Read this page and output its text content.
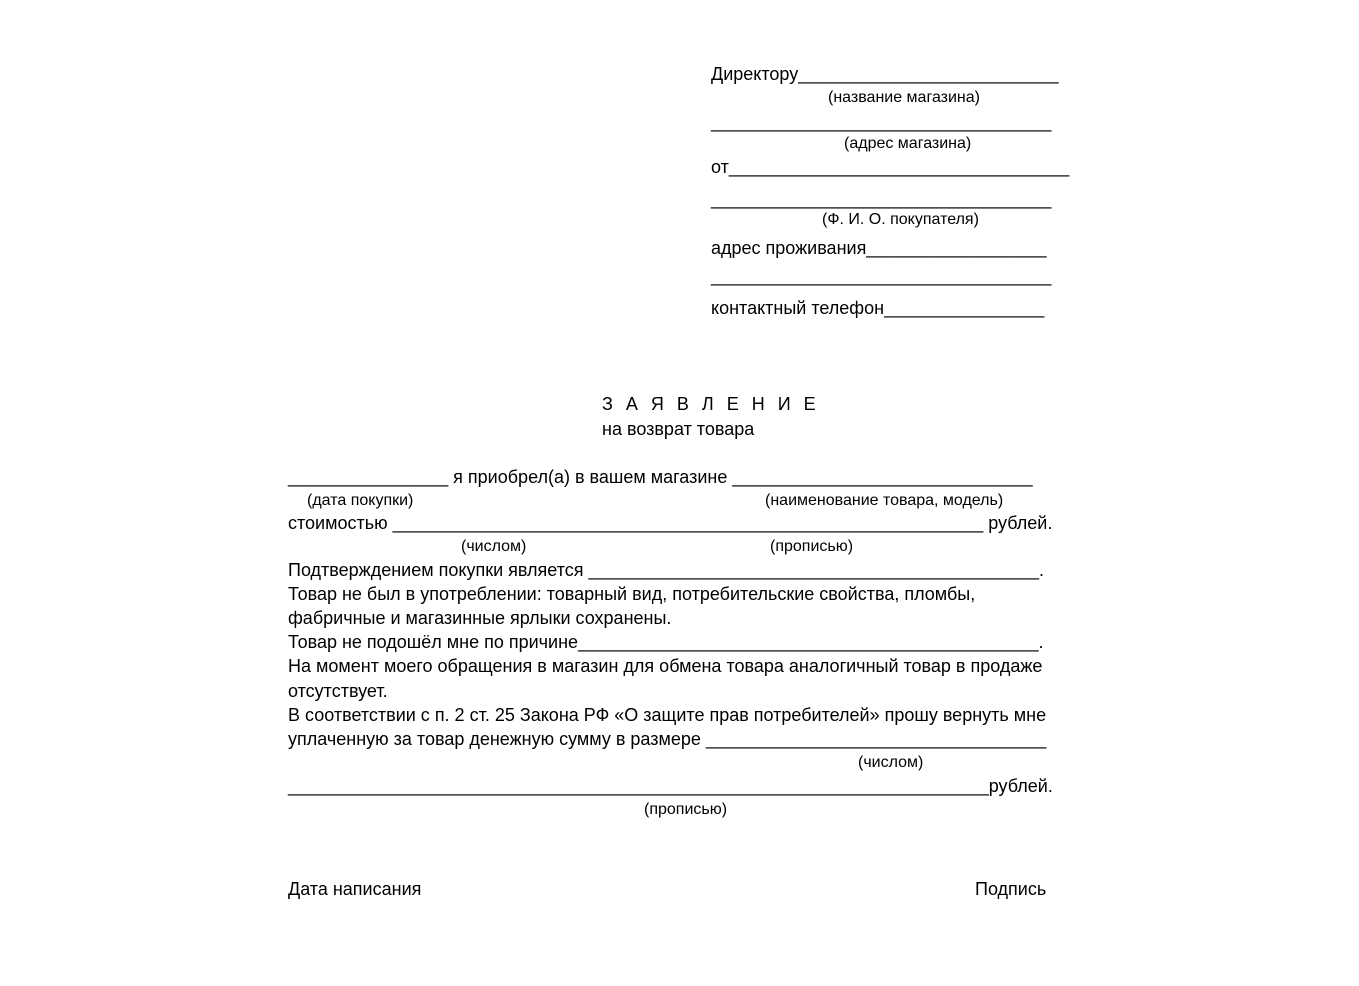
Директору__________________________
(название магазина)
__________________________________
(адрес магазина)
от__________________________________
__________________________________
(Ф. И. О. покупателя)
адрес проживания__________________
__________________________________
контактный телефон________________
З А Я В Л Е Н И Е
на возврат товара
________________ я приобрел(а) в вашем магазине ______________________________
(дата покупки)	(наименование товара, модель)
стоимостью ___________________________________________________________ рублей.
(числом)	(прописью)
Подтверждением покупки является _____________________________________________.
Товар не был в употреблении: товарный вид, потребительские свойства, пломбы,
фабричные и магазинные ярлыки сохранены.
Товар не подошёл мне по причине______________________________________________.
На момент моего обращения в магазин для обмена товара аналогичный товар в продаже
отсутствует.
В соответствии с п. 2 ст. 25 Закона РФ «О защите прав потребителей» прошу вернуть мне
уплаченную за товар денежную сумму в размере __________________________________
(числом)
______________________________________________________________________рублей.
(прописью)
Дата написания	Подпись
